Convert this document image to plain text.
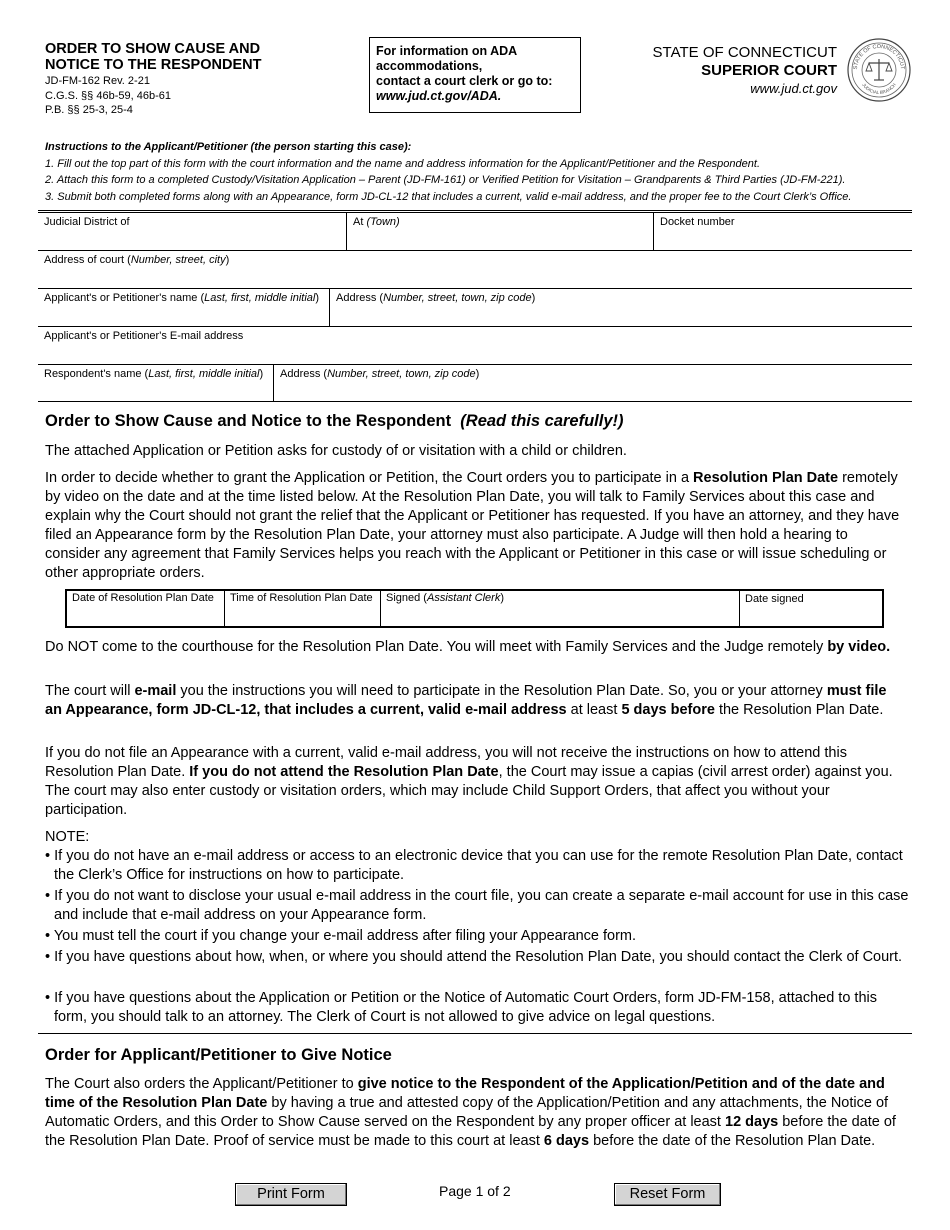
ORDER TO SHOW CAUSE AND
NOTICE TO THE RESPONDENT
JD-FM-162 Rev. 2-21
C.G.S. §§ 46b-59, 46b-61
P.B. §§ 25-3, 25-4
For information on ADA
accommodations,
contact a court clerk or go to:
www.jud.ct.gov/ADA.
STATE OF CONNECTICUT
SUPERIOR COURT
www.jud.ct.gov
STATE OF CONNECTICUT
JUDICIAL BRANCH
Instructions to the Applicant/Petitioner (the person starting this case):
1. Fill out the top part of this form with the court information and the name and address information for the Applicant/Petitioner and the Respondent.
2. Attach this form to a completed Custody/Visitation Application – Parent (JD-FM-161) or Verified Petition for Visitation – Grandparents & Third Parties (JD-FM-221).
3. Submit both completed forms along with an Appearance, form JD-CL-12 that includes a current, valid e-mail address, and the proper fee to the Court Clerk’s Office.
Judicial District of	At (Town)	Docket number
Address of court (Number, street, city)
Applicant's or Petitioner's name (Last, first, middle initial)	Address (Number, street, town, zip code)
Applicant's or Petitioner's E-mail address
Respondent's name (Last, first, middle initial)	Address (Number, street, town, zip code)
Order to Show Cause and Notice to the Respondent (Read this carefully!)
The attached Application or Petition asks for custody of or visitation with a child or children.
In order to decide whether to grant the Application or Petition, the Court orders you to participate in a Resolution Plan Date remotely by video on the date and at the time listed below. At the Resolution Plan Date, you will talk to Family Services about this case and explain why the Court should not grant the relief that the Applicant or Petitioner has requested. If you have an attorney, and they have filed an Appearance form by the Resolution Plan Date, your attorney must also participate. A Judge will then hold a hearing to consider any agreement that Family Services helps you reach with the Applicant or Petitioner in this case or will issue scheduling or other appropriate orders.
Date of Resolution Plan Date	Time of Resolution Plan Date	Signed (Assistant Clerk)	Date signed
Do NOT come to the courthouse for the Resolution Plan Date. You will meet with Family Services and the Judge remotely by video.
The court will e-mail you the instructions you will need to participate in the Resolution Plan Date. So, you or your attorney must file an Appearance, form JD-CL-12, that includes a current, valid e-mail address at least 5 days before the Resolution Plan Date.
If you do not file an Appearance with a current, valid e-mail address, you will not receive the instructions on how to attend this Resolution Plan Date. If you do not attend the Resolution Plan Date, the Court may issue a capias (civil arrest order) against you. The court may also enter custody or visitation orders, which may include Child Support Orders, that affect you without your participation.
NOTE:
• If you do not have an e-mail address or access to an electronic device that you can use for the remote Resolution Plan Date, contact the Clerk’s Office for instructions on how to participate.
• If you do not want to disclose your usual e-mail address in the court file, you can create a separate e-mail account for use in this case and include that e-mail address on your Appearance form.
• You must tell the court if you change your e-mail address after filing your Appearance form.
• If you have questions about how, when, or where you should attend the Resolution Plan Date, you should contact the Clerk of Court.
• If you have questions about the Application or Petition or the Notice of Automatic Court Orders, form JD-FM-158, attached to this form, you should talk to an attorney. The Clerk of Court is not allowed to give advice on legal questions.
Order for Applicant/Petitioner to Give Notice
The Court also orders the Applicant/Petitioner to give notice to the Respondent of the Application/Petition and of the date and time of the Resolution Plan Date by having a true and attested copy of the Application/Petition and any attachments, the Notice of Automatic Orders, and this Order to Show Cause served on the Respondent by any proper officer at least 12 days before the date of the Resolution Plan Date. Proof of service must be made to this court at least 6 days before the date of the Resolution Plan Date.
Print Form	Page 1 of 2	Reset Form
